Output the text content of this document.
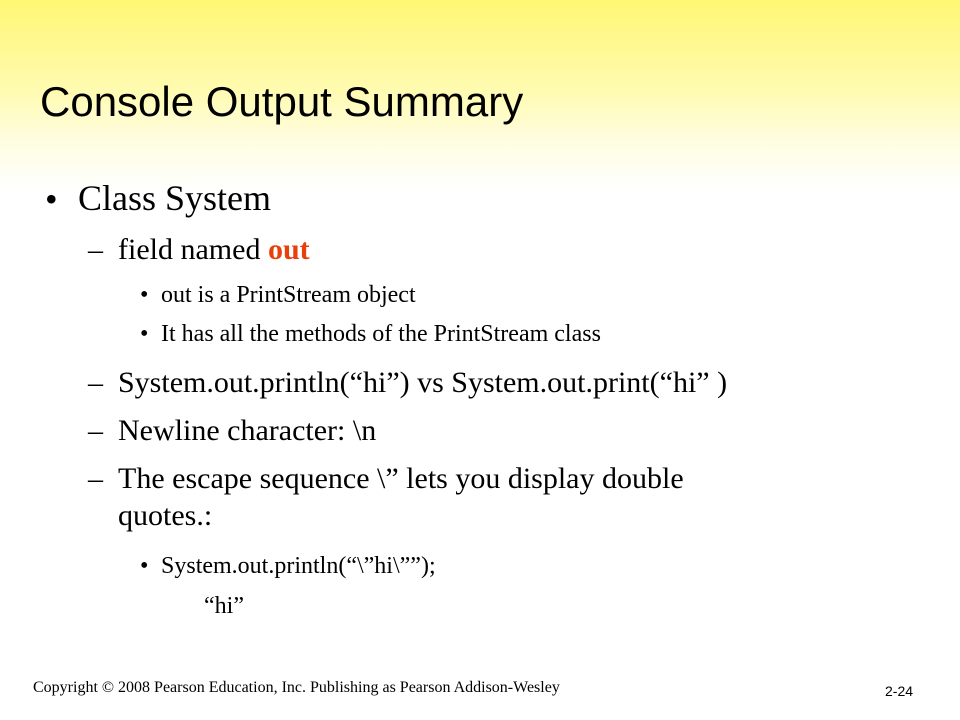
Console Output Summary
• Class System
– field named out
• out is a PrintStream object
• It has all the methods of the PrintStream class
– System.out.println(“hi”) vs System.out.print(“hi” )
– Newline character: \n
– The escape sequence \” lets you display double
quotes.:
• System.out.println(“\”hi\””);
“hi”
Copyright © 2008 Pearson Education, Inc. Publishing as Pearson Addison-Wesley	2-24
